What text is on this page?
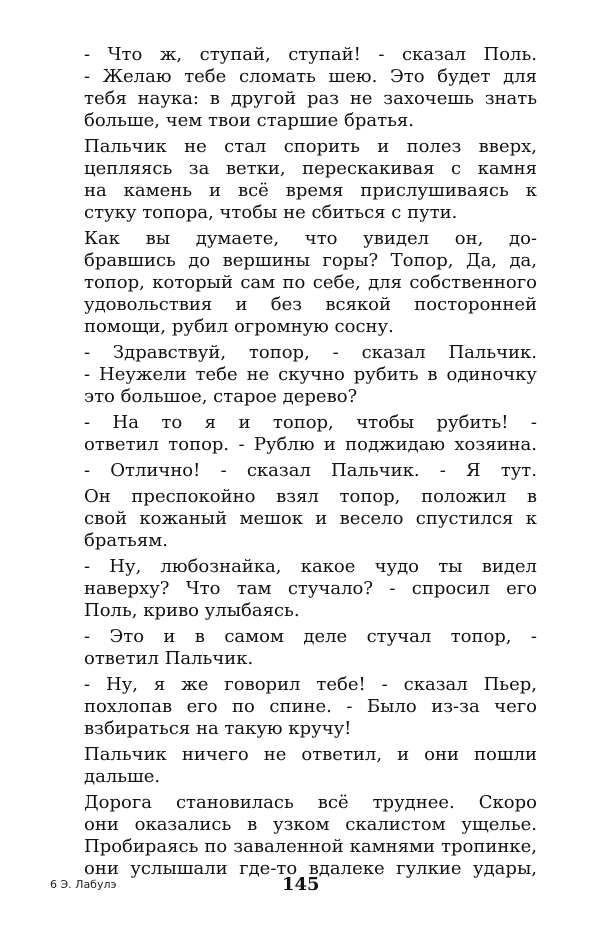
- Что ж, ступай, ступай! - сказал Поль.
- Желаю тебе сломать шею. Это будет для
тебя наука: в другой раз не захочешь знать
больше, чем твои старшие братья.
Пальчик не стал спорить и полез вверх,
цепляясь за ветки, перескакивая с камня
на камень и всё время прислушиваясь к
стуку топора, чтобы не сбиться с пути.
Как вы думаете, что увидел он, до-
бравшись до вершины горы? Топор, Да, да,
топор, который сам по себе, для собственного
удовольствия и без всякой посторонней
помощи, рубил огромную сосну.
- Здравствуй, топор, - сказал Пальчик.
- Неужели тебе не скучно рубить в одиночку
это большое, старое дерево?
- На то я и топор, чтобы рубить! -
ответил топор. - Рублю и поджидаю хозяина.
- Отлично! - сказал Пальчик. - Я тут.
Он преспокойно взял топор, положил в
свой кожаный мешок и весело спустился к
братьям.
- Ну, любознайка, какое чудо ты видел
наверху? Что там стучало? - спросил его
Поль, криво улыбаясь.
- Это и в самом деле стучал топор, -
ответил Пальчик.
- Ну, я же говорил тебе! - сказал Пьер,
похлопав его по спине. - Было из-за чего
взбираться на такую кручу!
Пальчик ничего не ответил, и они пошли
дальше.
Дорога становилась всё труднее. Скоро
они оказались в узком скалистом ущелье.
Пробираясь по заваленной камнями тропинке,
они услышали где-то вдалеке гулкие удары,
6 Э. Лабулэ	145
